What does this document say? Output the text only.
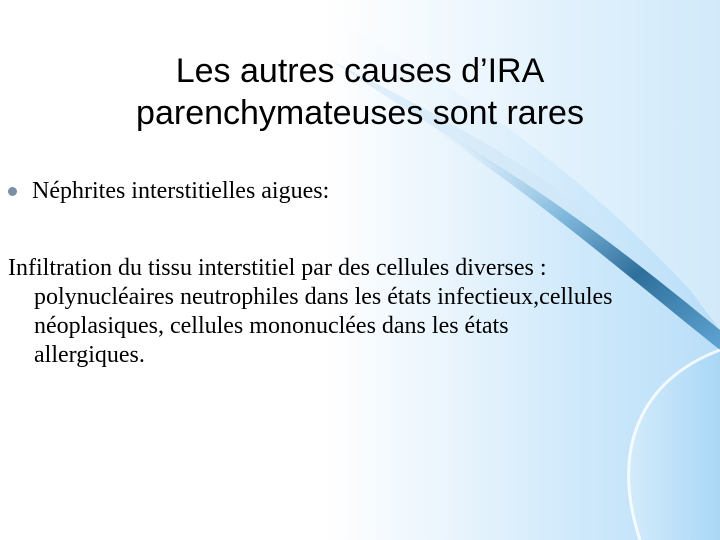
Les autres causes d’IRA
parenchymateuses sont rares
Néphrites interstitielles aigues:
Infiltration du tissu interstitiel par des cellules diverses :
polynucléaires neutrophiles dans les états infectieux,cellules
néoplasiques, cellules mononuclées dans les états
allergiques.
